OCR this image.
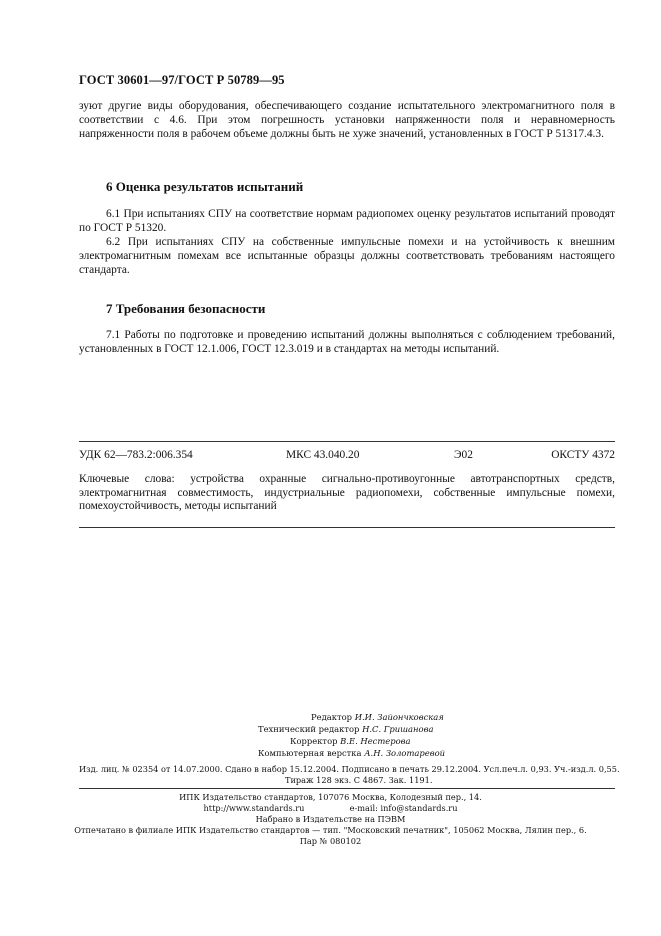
ГОСТ 30601—97/ГОСТ Р 50789—95

зуют другие виды оборудования, обеспечивающего создание испытательного электромагнитного поля в соответствии с 4.6. При этом погрешность установки напряженности поля и неравномерность напряженности поля в рабочем объеме должны быть не хуже значений, установленных в ГОСТ Р 51317.4.3.

6 Оценка результатов испытаний

6.1 При испытаниях СПУ на соответствие нормам радиопомех оценку результатов испытаний проводят по ГОСТ Р 51320.

6.2 При испытаниях СПУ на собственные импульсные помехи и на устойчивость к внешним электромагнитным помехам все испытанные образцы должны соответствовать требованиям настоящего стандарта.

7 Требования безопасности

7.1 Работы по подготовке и проведению испытаний должны выполняться с соблюдением требований, установленных в ГОСТ 12.1.006, ГОСТ 12.3.019 и в стандартах на методы испытаний.

УДК 62—783.2:006.354	МКС 43.040.20	Э02	ОКСТУ 4372

Ключевые слова: устройства охранные сигнально-противоугонные автотранспортных средств, электромагнитная совместимость, индустриальные радиопомехи, собственные импульсные помехи, помехоустойчивость, методы испытаний

Редактор И.И. Зайончковская
Технический редактор Н.С. Гришанова
Корректор В.Е. Нестерова
Компьютерная верстка А.Н. Золотаревой
Изд. лиц. № 02354 от 14.07.2000. Сдано в набор 15.12.2004. Подписано в печать 29.12.2004. Усл.печ.л. 0,93. Уч.-изд.л. 0,55.
Тираж 128 экз. С 4867. Зак. 1191.
ИПК Издательство стандартов, 107076 Москва, Колодезный пер., 14.
http://www.standards.ru	e-mail: info@standards.ru
Набрано в Издательстве на ПЭВМ
Отпечатано в филиале ИПК Издательство стандартов — тип. "Московский печатник", 105062 Москва, Лялин пер., 6.
Пар № 080102
